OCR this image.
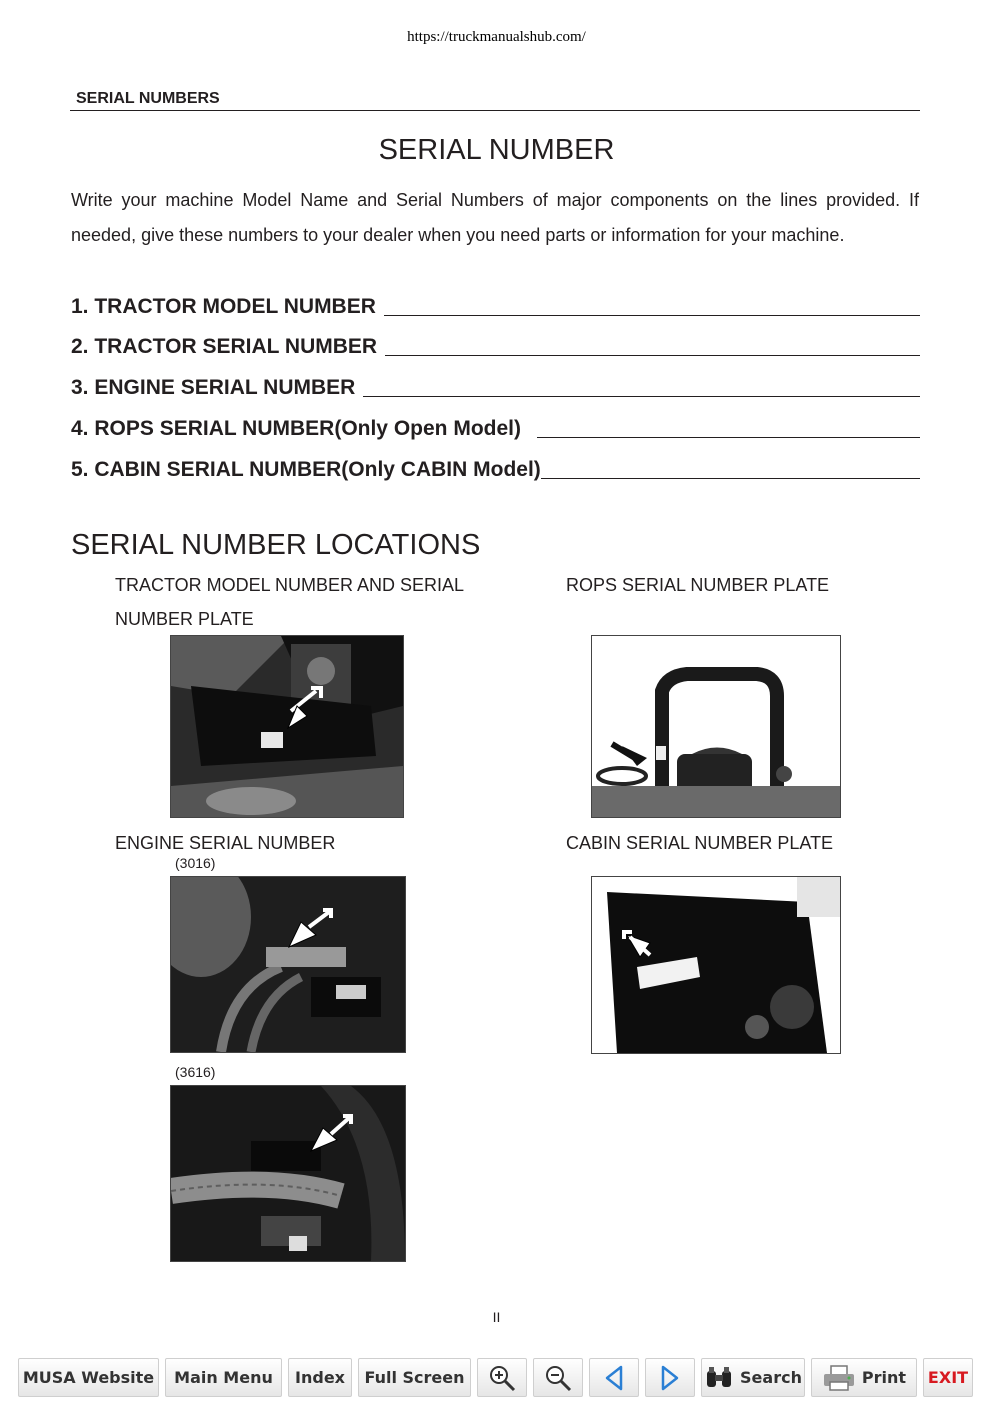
https://truckmanualshub.com/
SERIAL NUMBERS
SERIAL NUMBER
Write your machine Model Name and Serial Numbers of major components on the lines provided. If needed, give these numbers to your dealer when you need parts or information for your machine.
1. TRACTOR MODEL NUMBER
2. TRACTOR SERIAL NUMBER
3. ENGINE SERIAL NUMBER
4. ROPS SERIAL NUMBER(Only Open Model)
5. CABIN SERIAL NUMBER(Only CABIN Model)
SERIAL NUMBER LOCATIONS
TRACTOR MODEL NUMBER AND SERIAL NUMBER PLATE
ROPS SERIAL NUMBER PLATE
ENGINE SERIAL NUMBER
(3016)
CABIN SERIAL NUMBER PLATE
(3616)
II
MUSA Website Main Menu Index Full Screen	Search	Print EXIT
